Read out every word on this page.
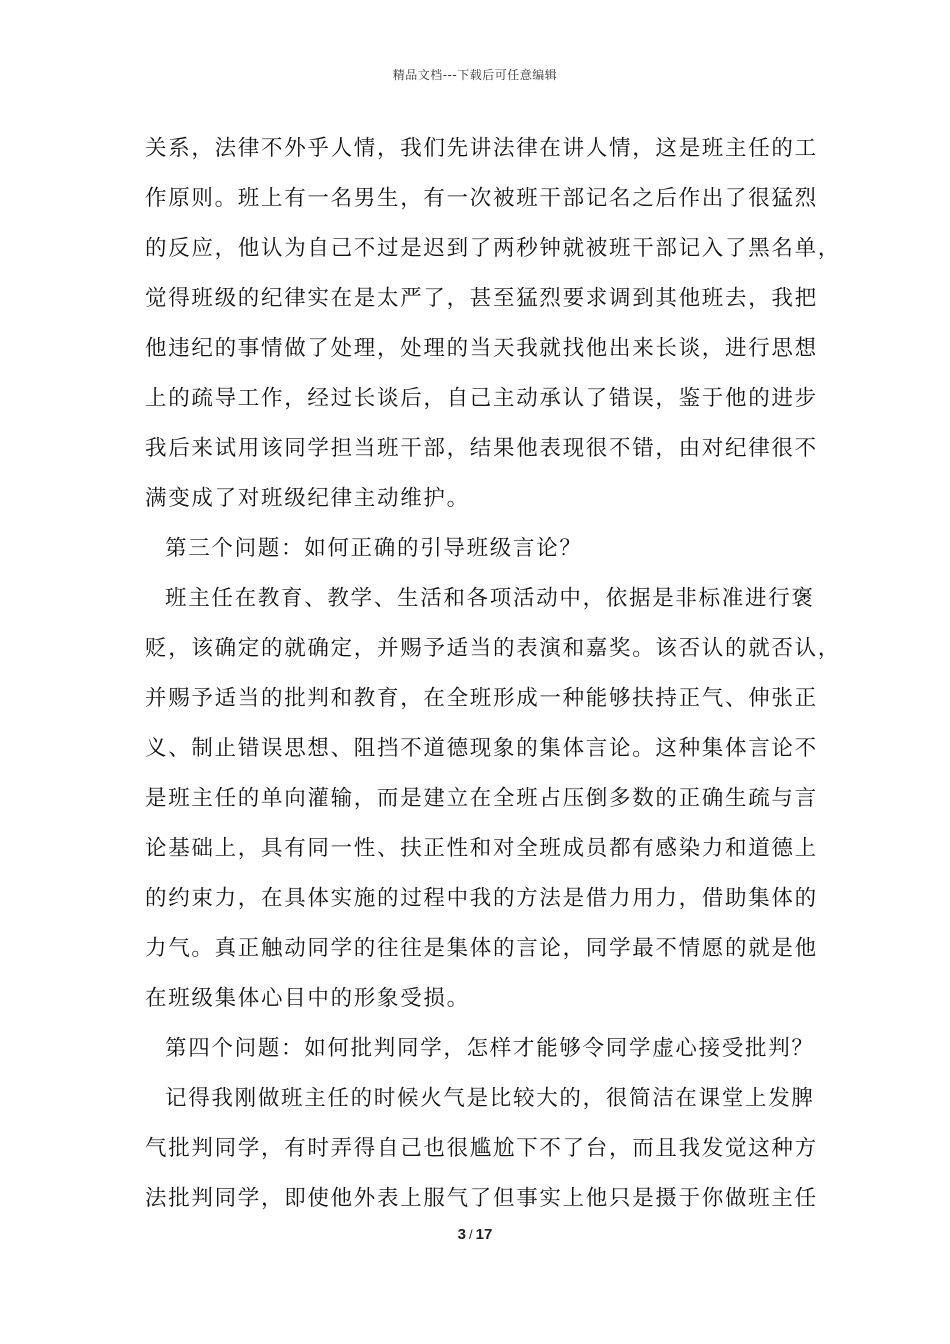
精品文档---下载后可任意编辑
关系，法律不外乎人情，我们先讲法律在讲人情，这是班主任的工
作原则。班上有一名男生，有一次被班干部记名之后作出了很猛烈
的反应，他认为自己不过是迟到了两秒钟就被班干部记入了黑名单，
觉得班级的纪律实在是太严了，甚至猛烈要求调到其他班去，我把
他违纪的事情做了处理，处理的当天我就找他出来长谈，进行思想
上的疏导工作，经过长谈后，自己主动承认了错误，鉴于他的进步
我后来试用该同学担当班干部，结果他表现很不错，由对纪律很不
满变成了对班级纪律主动维护。
第三个问题：如何正确的引导班级言论？
班主任在教育、教学、生活和各项活动中，依据是非标准进行褒
贬，该确定的就确定，并赐予适当的表演和嘉奖。该否认的就否认，
并赐予适当的批判和教育，在全班形成一种能够扶持正气、伸张正
义、制止错误思想、阻挡不道德现象的集体言论。这种集体言论不
是班主任的单向灌输，而是建立在全班占压倒多数的正确生疏与言
论基础上，具有同一性、扶正性和对全班成员都有感染力和道德上
的约束力，在具体实施的过程中我的方法是借力用力，借助集体的
力气。真正触动同学的往往是集体的言论，同学最不情愿的就是他
在班级集体心目中的形象受损。
第四个问题：如何批判同学，怎样才能够令同学虚心接受批判？
记得我刚做班主任的时候火气是比较大的，很简洁在课堂上发脾
气批判同学，有时弄得自己也很尴尬下不了台，而且我发觉这种方
法批判同学，即使他外表上服气了但事实上他只是摄于你做班主任
3 / 17
